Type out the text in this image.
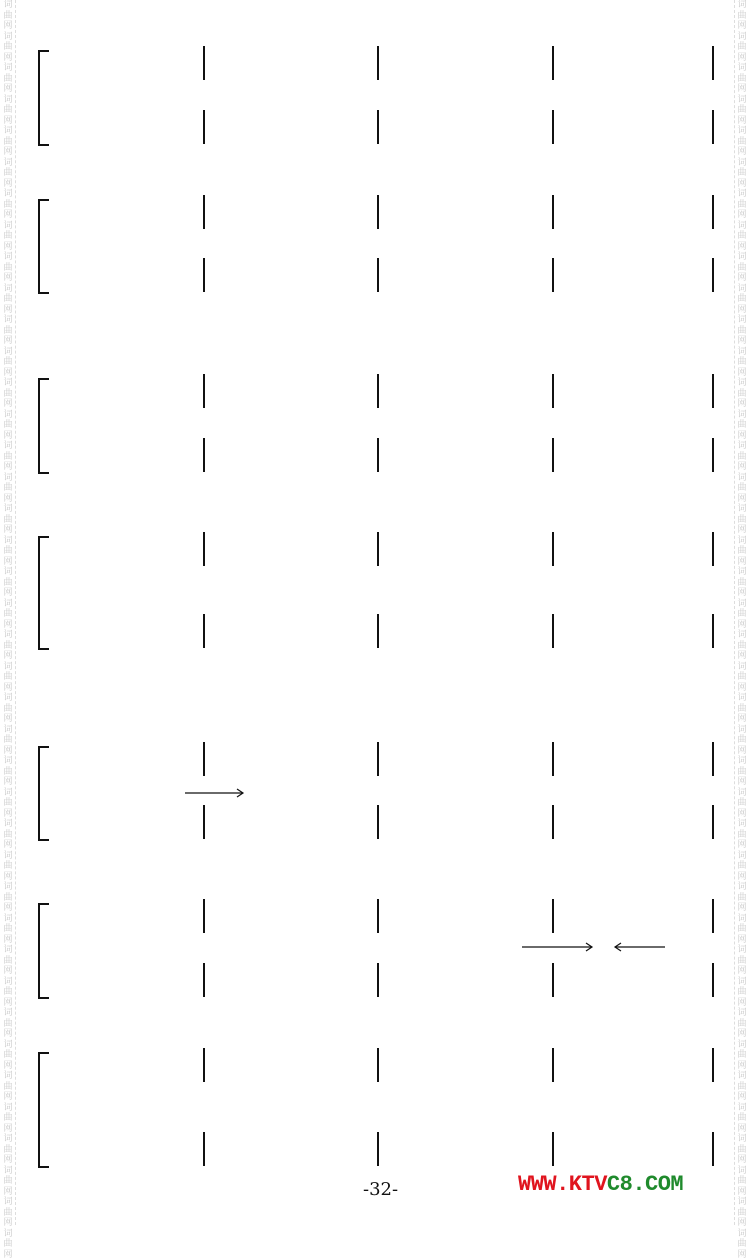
词曲网词曲网词曲网词曲网词曲网词曲网词曲网词曲网词曲网词曲网词曲网词曲网词曲网词曲网词曲网词曲网词曲网词曲网词曲网词曲网词曲网词曲网词曲网词曲网词曲网词曲网词曲网词曲网词曲网词曲网词曲网词曲网词曲网词曲网词曲网词曲网词曲网词曲网词曲网词曲网
词曲网词曲网词曲网词曲网词曲网词曲网词曲网词曲网词曲网词曲网词曲网词曲网词曲网词曲网词曲网词曲网词曲网词曲网词曲网词曲网词曲网词曲网词曲网词曲网词曲网词曲网词曲网词曲网词曲网词曲网词曲网词曲网词曲网词曲网词曲网词曲网词曲网词曲网词曲网词曲网
-32-	WWW.KTVC8.COM
